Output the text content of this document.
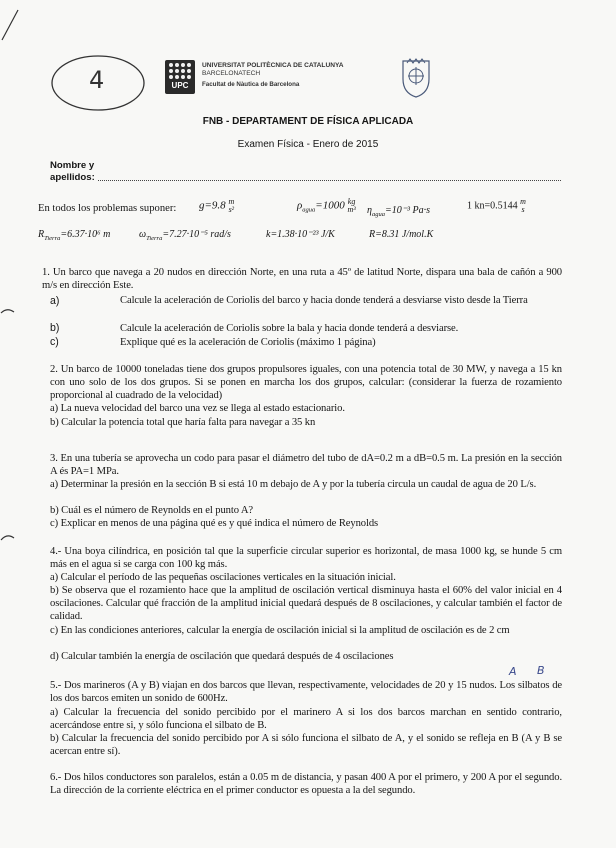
4	UPC
UNIVERSITAT POLITÈCNICA DE CATALUNYA
BARCELONATECH
Facultat de Nàutica de Barcelona
FNB - DEPARTAMENT DE FÍSICA APLICADA
Examen Física - Enero de 2015
Nombre y
apellidos:
En todos los problemas suponer: g=9.8 m
s²	$\rho_{agua}=1000$ kg
m³ $\eta_{agua}=10^{-3}$ Pa·s	1 kn=0.5144 m
s
$R_{Tierra}=6.37\cdot 10^6$ m	$\omega_{Tierra}=7.27\cdot 10^{-5}$ rad/s	k=1.38·10⁻²³ J/K	R=8.31 J/mol.K
1. Un barco que navega a 20 nudos en dirección Norte, en una ruta a 45º de latitud Norte, dispara una bala de cañón a 900 m/s en dirección Este.
a)	Calcule la aceleración de Coriolis del barco y hacia donde tenderá a desviarse visto desde la Tierra
b)	Calcule la aceleración de Coriolis sobre la bala y hacia donde tenderá a desviarse.
c)	Explique qué es la aceleración de Coriolis (máximo 1 página)
2. Un barco de 10000 toneladas tiene dos grupos propulsores iguales, con una potencia total de 30 MW, y navega a 15 kn con uno solo de los dos grupos. Si se ponen en marcha los dos grupos, calcular: (considerar la fuerza de rozamiento proporcional al cuadrado de la velocidad)
a) La nueva velocidad del barco una vez se llega al estado estacionario.
b) Calcular la potencia total que haría falta para navegar a 35 kn
3. En una tubería se aprovecha un codo para pasar el diámetro del tubo de dA=0.2 m a dB=0.5 m. La presión en la sección A és PA=1 MPa.
a) Determinar la presión en la sección B si está 10 m debajo de A y por la tubería circula un caudal de agua de 20 L/s.
b) Cuál es el número de Reynolds en el punto A?
c) Explicar en menos de una página qué es y qué indica el número de Reynolds
4.- Una boya cilíndrica, en posición tal que la superficie circular superior es horizontal, de masa 1000 kg, se hunde 5 cm más en el agua si se carga con 100 kg más.
a) Calcular el período de las pequeñas oscilaciones verticales en la situación inicial.
b) Se observa que el rozamiento hace que la amplitud de oscilación vertical disminuya hasta el 60% del valor inicial en 4 oscilaciones. Calcular qué fracción de la amplitud inicial quedará después de 8 oscilaciones, y calcular también el factor de calidad.
c) En las condiciones anteriores, calcular la energía de oscilación inicial si la amplitud de oscilación es de 2 cm
d) Calcular también la energía de oscilación que quedará después de 4 oscilaciones
A B
5.- Dos marineros (A y B) viajan en dos barcos que llevan, respectivamente, velocidades de 20 y 15 nudos. Los silbatos de los dos barcos emiten un sonido de 600Hz.
a) Calcular la frecuencia del sonido percibido por el marinero A si los dos barcos marchan en sentido contrario, acercándose entre si, y sólo funciona el silbato de B.
b) Calcular la frecuencia del sonido percibido por A si sólo funciona el silbato de A, y el sonido se refleja en B (A y B se acercan entre sí).
6.- Dos hilos conductores son paralelos, están a 0.05 m de distancia, y pasan 400 A por el primero, y 200 A por el segundo. La dirección de la corriente eléctrica en el primer conductor es opuesta a la del segundo.
